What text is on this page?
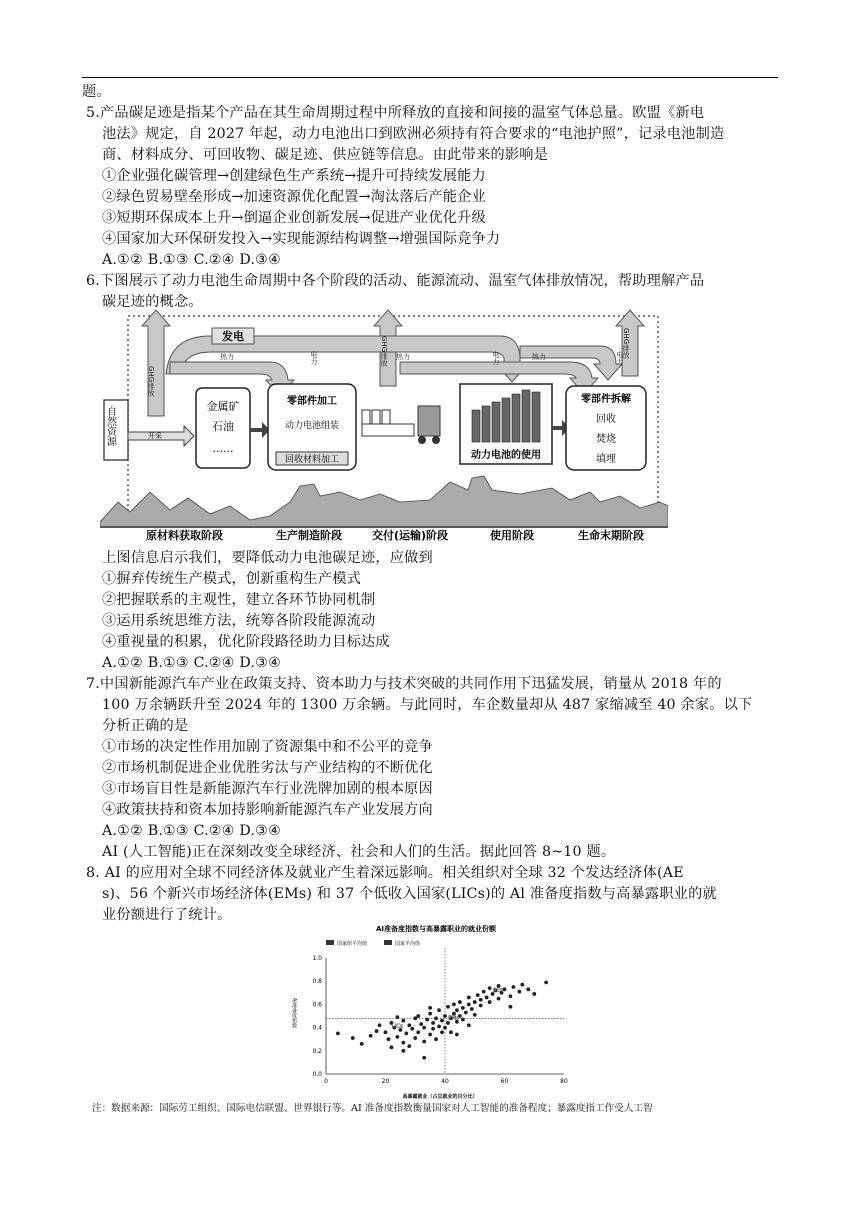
题。
5.产品碳足迹是指某个产品在其生命周期过程中所释放的直接和间接的温室气体总量。欧盟《新电
池法》规定，自 2027 年起，动力电池出口到欧洲必须持有符合要求的“电池护照”，记录电池制造
商、材料成分、可回收物、碳足迹、供应链等信息。由此带来的影响是
①企业强化碳管理→创建绿色生产系统→提升可持续发展能力
②绿色贸易壁垒形成→加速资源优化配置→淘汰落后产能企业
③短期环保成本上升→倒逼企业创新发展→促进产业优化升级
④国家加大环保研发投入→实现能源结构调整→增强国际竞争力
A.①② B.①③ C.②④ D.③④
6.下图展示了动力电池生命周期中各个阶段的活动、能源流动、温室气体排放情况，帮助理解产品
碳足迹的概念。
上图信息启示我们，要降低动力电池碳足迹，应做到
①摒弃传统生产模式，创新重构生产模式
②把握联系的主观性，建立各环节协同机制
③运用系统思维方法，统筹各阶段能源流动
④重视量的积累，优化阶段路径助力目标达成
A.①② B.①③ C.②④ D.③④
7.中国新能源汽车产业在政策支持、资本助力与技术突破的共同作用下迅猛发展，销量从 2018 年的
100 万余辆跃升至 2024 年的 1300 万余辆。与此同时，车企数量却从 487 家缩减至 40 余家。以下
分析正确的是
①市场的决定性作用加剧了资源集中和不公平的竞争
②市场机制促进企业优胜劣汰与产业结构的不断优化
③市场盲目性是新能源汽车行业洗牌加剧的根本原因
④政策扶持和资本加持影响新能源汽车产业发展方向
A.①② B.①③ C.②④ D.③④
AI (人工智能)正在深刻改变全球经济、社会和人们的生活。据此回答 8~10 题。
8. AI 的应用对全球不同经济体及就业产生着深远影响。相关组织对全球 32 个发达经济体(AE
s)、56 个新兴市场经济体(EMs) 和 37 个低收入国家(LICs)的 Al 准备度指数与高暴露职业的就
业份额进行了统计。
发电
热力	热力	热力
GHG排放
GHG排放	GHG排放
电力	电力
电力
自然资源	开采
金属矿
石油
......
零部件加工
动力电池组装
回收材料加工	动力电池的使用
零部件拆解
回收
焚烧
填埋
原材料获取阶段	生产制造阶段	交付(运输)阶段	使用阶段	生命末期阶段
AI准备度指数与高暴露职业的就业份额
国家组平均值	国家平均值
AI准备度指数
高暴露就业（占总就业的百分比）
0	20	40	60	80
0.0
0.2
0.4
0.6
0.8
1.0
AEs
EMs
LICs
注：数据来源：国际劳工组织、国际电信联盟、世界银行等。AI 准备度指数衡量国家对人工智能的准备程度；暴露度指工作受人工智
